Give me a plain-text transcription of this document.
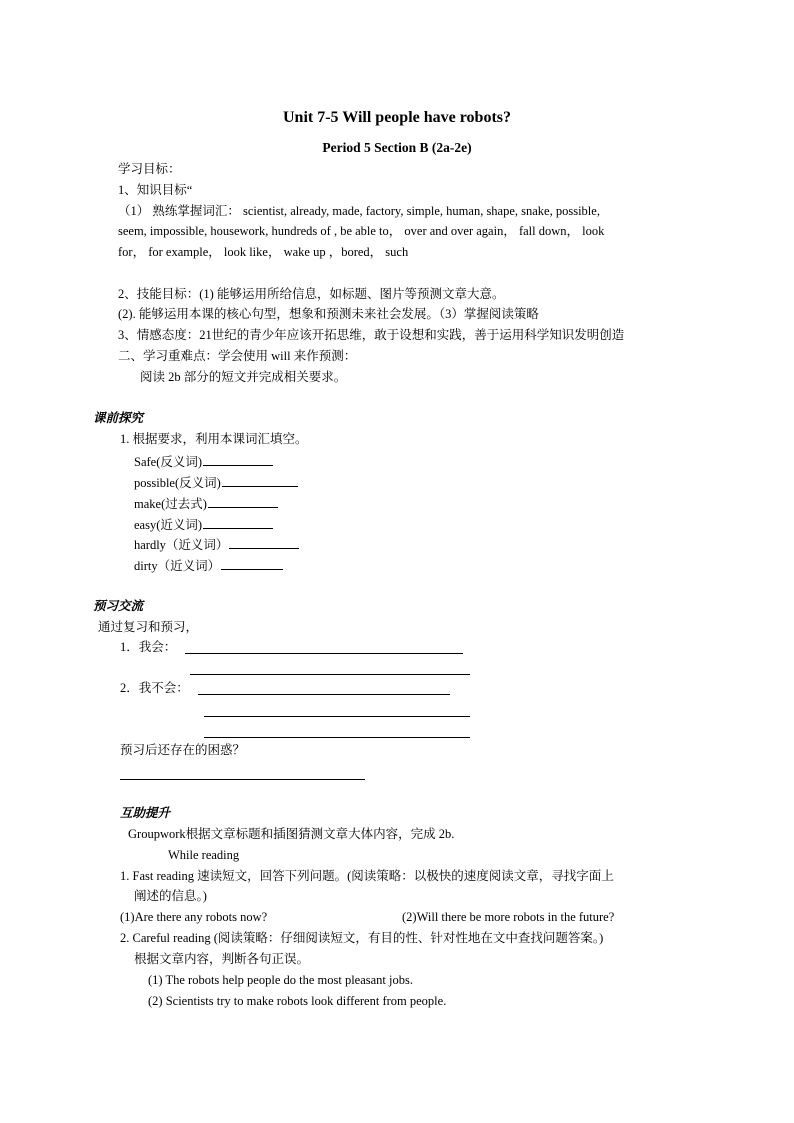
Unit 7-5 Will people have robots?
Period 5 Section B (2a-2e)
学习目标：
1、知识目标“
（1） 熟练掌握词汇： scientist, already, made, factory, simple, human, shape, snake, possible,
seem, impossible, housework, hundreds of , be able to， over and over again， fall down， look
for， for example， look like， wake up ，bored， such
2、技能目标：(1) 能够运用所给信息，如标题、图片等预测文章大意。
(2). 能够运用本课的核心句型，想象和预测未来社会发展。（3）掌握阅读策略
3、情感态度：21世纪的青少年应该开拓思维，敢于设想和实践，善于运用科学知识发明创造
二、学习重难点：学会使用 will 来作预测：
阅读 2b 部分的短文并完成相关要求。
课前探究
1. 根据要求，利用本课词汇填空。
Safe(反义词)
possible(反义词)
make(过去式)
easy(近义词)
hardly（近义词）
dirty（近义词）
预习交流
通过复习和预习，
1．我会：
2．我不会：
预习后还存在的困惑？
互助提升
Groupwork根据文章标题和插图猜测文章大体内容，完成 2b.
While reading
1. Fast reading 速读短文，回答下列问题。(阅读策略：以极快的速度阅读文章，寻找字面上
阐述的信息。)
(1)Are there any robots now?	(2)Will there be more robots in the future?
2. Careful reading (阅读策略：仔细阅读短文，有目的性、针对性地在文中查找问题答案。)
根据文章内容，判断各句正误。
(1) The robots help people do the most pleasant jobs.
(2) Scientists try to make robots look different from people.
